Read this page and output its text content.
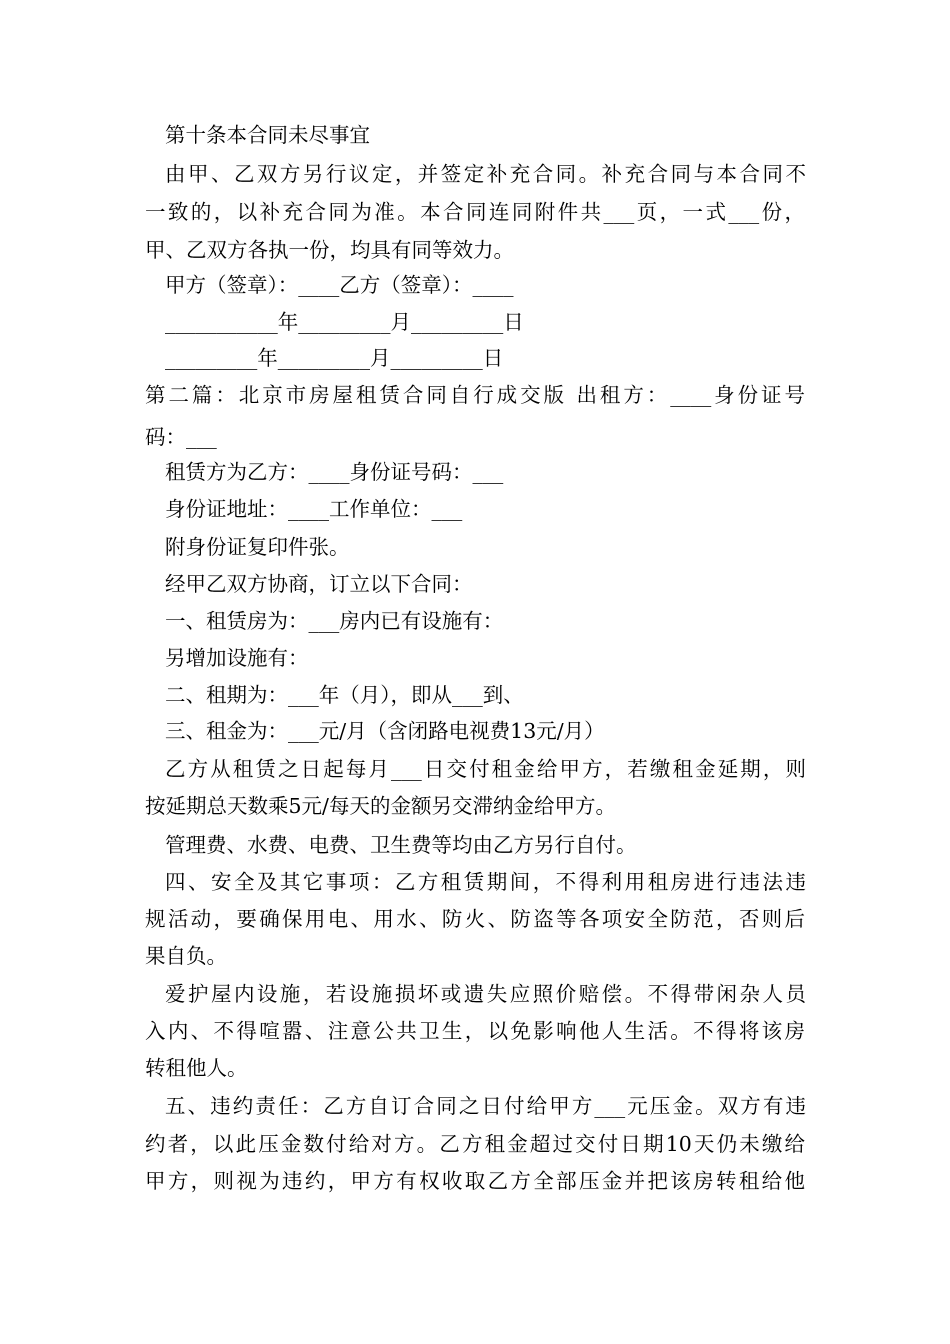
第十条本合同未尽事宜
由甲、乙双方另行议定，并签定补充合同。补充合同与本合同不
一致的，以补充合同为准。本合同连同附件共___页，一式___份，
甲、乙双方各执一份，均具有同等效力。
甲方（签章）：____乙方（签章）：____
___________年_________月_________日
_________年_________月_________日
第二篇：北京市房屋租赁合同自行成交版 出租方：____身份证号
码：___
租赁方为乙方：____身份证号码：___
身份证地址：____工作单位：___
附身份证复印件张。
经甲乙双方协商，订立以下合同：
一、租赁房为：___房内已有设施有：
另增加设施有：
二、租期为：___年（月），即从___到、
三、租金为：___元/月（含闭路电视费13元/月）
乙方从租赁之日起每月___日交付租金给甲方，若缴租金延期，则
按延期总天数乘5元/每天的金额另交滞纳金给甲方。
管理费、水费、电费、卫生费等均由乙方另行自付。
四、安全及其它事项：乙方租赁期间，不得利用租房进行违法违
规活动，要确保用电、用水、防火、防盗等各项安全防范，否则后
果自负。
爱护屋内设施，若设施损坏或遗失应照价赔偿。不得带闲杂人员
入内、不得喧嚣、注意公共卫生，以免影响他人生活。不得将该房
转租他人。
五、违约责任：乙方自订合同之日付给甲方___元压金。双方有违
约者，以此压金数付给对方。乙方租金超过交付日期10天仍未缴给
甲方，则视为违约，甲方有权收取乙方全部压金并把该房转租给他
